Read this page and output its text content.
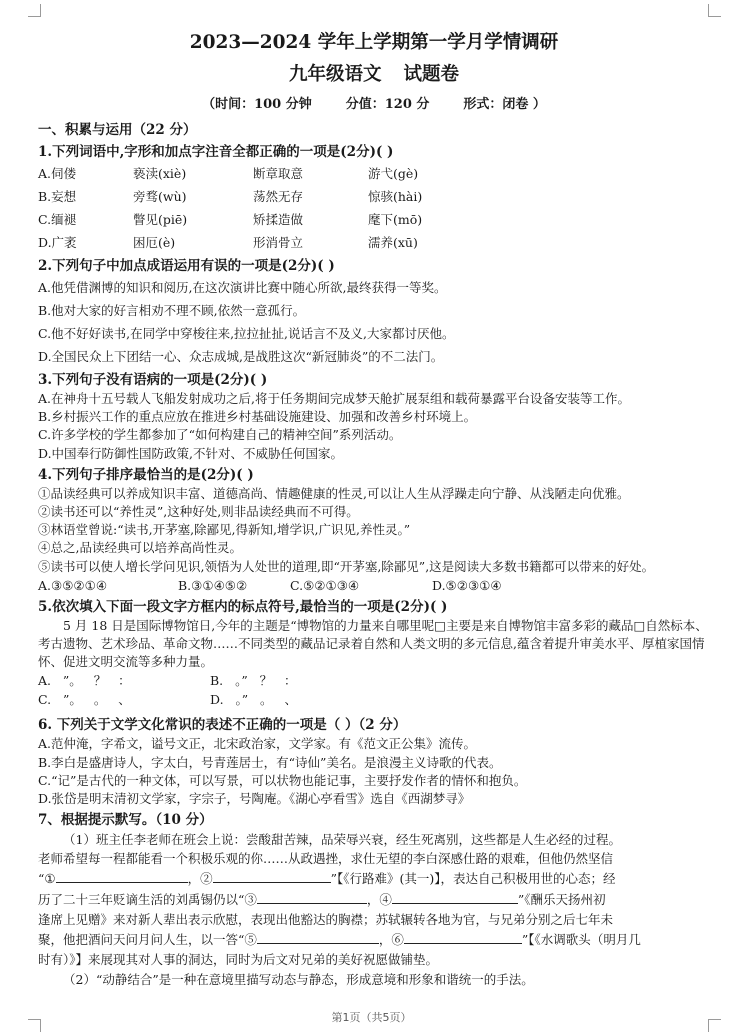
2023—2024 学年上学期第一学月学情调研
九年级语文 试题卷
（时间：100 分钟	分值：120 分	形式：闭卷 ）
一、积累与运用（22 分）
1.下列词语中,字形和加点字注音全都正确的一项是(2分)( )
A.伺偻	亵渎(xiè)	断章取意	游弋(gè)
B.妄想	旁骛(wù)	荡然无存	惊骇(hài)
C.缅褪	瞥见(piē)	矫揉造做	麾下(mō)
D.广袤	困厄(è)	形消骨立	濡养(xū)
2.下列句子中加点成语运用有误的一项是(2分)( )
A.他凭借渊博的知识和阅历,在这次演讲比赛中随心所欲,最终获得一等奖。
B.他对大家的好言相劝不理不顾,依然一意孤行。
C.他不好好读书,在同学中穿梭往来,拉拉扯扯,说话言不及义,大家都讨厌他。
D.全国民众上下团结一心、众志成城,是战胜这次“新冠肺炎”的不二法门。
3.下列句子没有语病的一项是(2分)( )
A.在神舟十五号载人飞船发射成功之后,将于任务期间完成梦天舱扩展泵组和载荷暴露平台设备安装等工作。
B.乡村振兴工作的重点应放在推进乡村基础设施建设、加强和改善乡村环境上。
C.许多学校的学生都参加了“如何构建自己的精神空间”系列活动。
D.中国奉行防御性国防政策,不针对、不威胁任何国家。
4.下列句子排序最恰当的是(2分)( )
①品读经典可以养成知识丰富、道德高尚、情趣健康的性灵,可以让人生从浮躁走向宁静、从浅陋走向优雅。
②读书还可以“养性灵”,这种好处,则非品读经典而不可得。
③林语堂曾说:“读书,开茅塞,除鄙见,得新知,增学识,广识见,养性灵。”
④总之,品读经典可以培养高尚性灵。
⑤读书可以使人增长学问见识,领悟为人处世的道理,即“开茅塞,除鄙见”,这是阅读大多数书籍都可以带来的好处。
A.③⑤②①④	B.③①④⑤②	C.⑤②①③④	D.⑤②③①④
5.依次填入下面一段文字方框内的标点符号,最恰当的一项是(2分)( )
5 月 18 日是国际博物馆日,今年的主题是“博物馆的力量来自哪里呢□主要是来自博物馆丰富多彩的藏品□自然标本、考古遗物、艺术珍品、革命文物……不同类型的藏品记录着自然和人类文明的多元信息,蕴含着提升审美水平、厚植家国情怀、促进文明交流等多种力量。
A.   ”。   ？   ：	B.   。”   ？   ：
C.   ”。   。   、	D.   。”   。   、
6. 下列关于文学文化常识的表述不正确的一项是（ ）（2 分）
A.范仲淹，字希文，谥号文正，北宋政治家，文学家。有《范文正公集》流传。
B.李白是盛唐诗人，字太白，号青莲居士，有“诗仙”美名。是浪漫主义诗歌的代表。
C.“记”是古代的一种文体，可以写景，可以状物也能记事，主要抒发作者的情怀和抱负。
D.张岱是明末清初文学家，字宗子，号陶庵。《湖心亭看雪》选自《西湖梦寻》
7、根据提示默写。（10 分）
（1）班主任李老师在班会上说：尝酸甜苦辣，品荣辱兴衰，经生死离别，这些都是人生必经的过程。
老师希望每一程都能看一个积极乐观的你……从政遇挫，求仕无望的李白深感仕路的艰难，但他仍然坚信
“①	，②	”【《行路难》(其一)】，表达自己积极用世的心态；经
历了二十三年贬谪生活的刘禹锡仍以“③	，④	”《酬乐天扬州初
逢席上见赠》来对新人辈出表示欣慰，表现出他豁达的胸襟；苏轼辗转各地为官，与兄弟分别之后七年未
聚，他把酒问天问月问人生，以一答“⑤	，⑥	”【《水调歌头（明月几
时有）》】来展现其对人事的洞达，同时为后文对兄弟的美好祝愿做铺垫。
（2）“动静结合”是一种在意境里描写动态与静态，形成意境和形象和谐统一的手法。
第1页（共5页）
